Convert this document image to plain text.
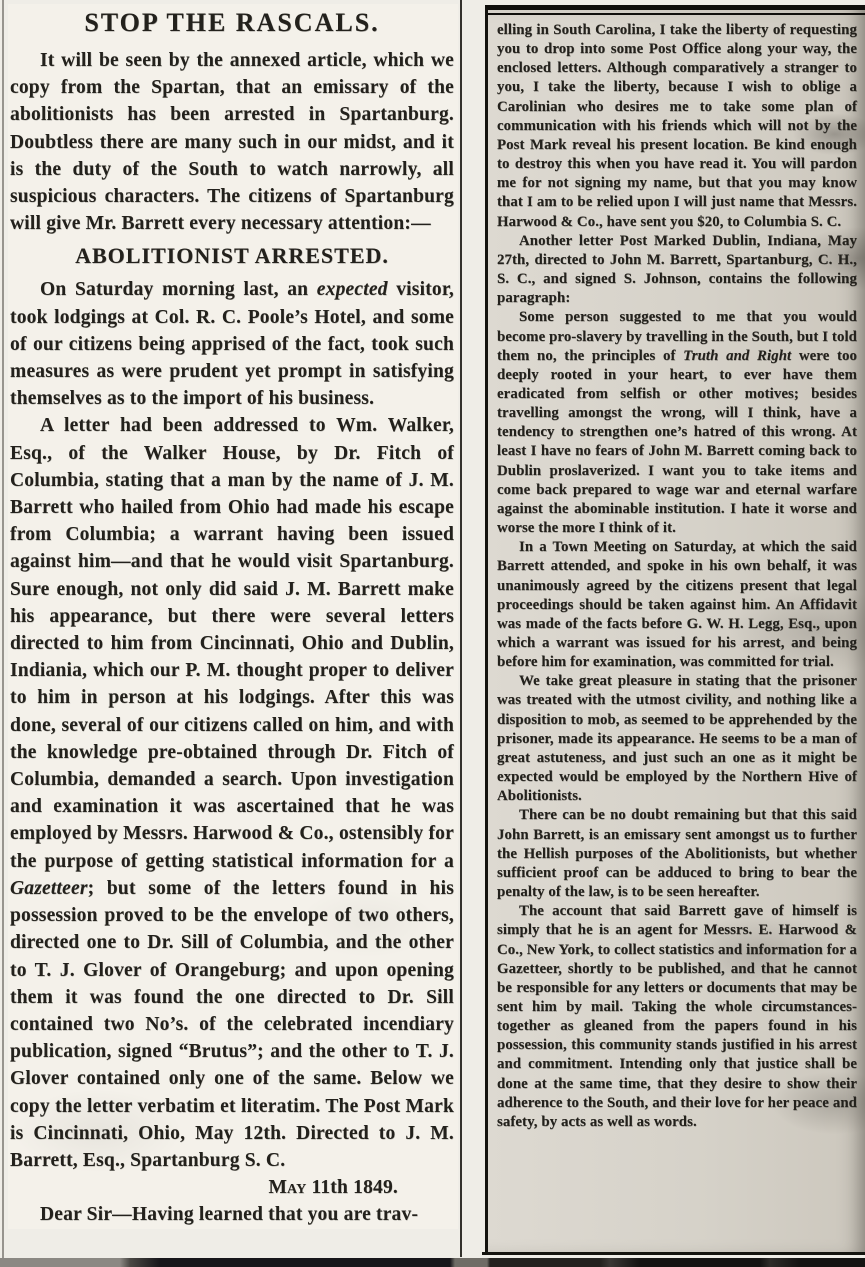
STOP THE RASCALS.

It will be seen by the annexed article, which we copy from the Spartan, that an emissary of the abolitionists has been arrested in Spartanburg. Doubtless there are many such in our midst, and it is the duty of the South to watch narrowly, all suspicious characters. The citizens of Spartanburg will give Mr. Barrett every necessary attention:—

ABOLITIONIST ARRESTED.

On Saturday morning last, an expected visitor, took lodgings at Col. R. C. Poole’s Hotel, and some of our citizens being apprised of the fact, took such measures as were prudent yet prompt in satisfying themselves as to the import of his business.

A letter had been addressed to Wm. Walker, Esq., of the Walker House, by Dr. Fitch of Columbia, stating that a man by the name of J. M. Barrett who hailed from Ohio had made his escape from Columbia; a warrant having been issued against him—and that he would visit Spartanburg. Sure enough, not only did said J. M. Barrett make his appearance, but there were several letters directed to him from Cincinnati, Ohio and Dublin, Indiania, which our P. M. thought proper to deliver to him in person at his lodgings. After this was done, several of our citizens called on him, and with the knowledge pre-obtained through Dr. Fitch of Columbia, demanded a search. Upon investigation and examination it was ascertained that he was employed by Messrs. Harwood & Co., ostensibly for the purpose of getting statistical information for a Gazetteer; but some of the letters found in his possession proved to be the envelope of two others, directed one to Dr. Sill of Columbia, and the other to T. J. Glover of Orangeburg; and upon opening them it was found the one directed to Dr. Sill contained two No’s. of the celebrated incendiary publication, signed “Brutus”; and the other to T. J. Glover contained only one of the same. Below we copy the letter verbatim et literatim. The Post Mark is Cincinnati, Ohio, May 12th. Directed to J. M. Barrett, Esq., Spartanburg S. C.

May 11th 1849.

Dear Sir—Having learned that you are trav-

elling in South Carolina, I take the liberty of requesting you to drop into some Post Office along your way, the enclosed letters. Although comparatively a stranger to you, I take the liberty, because I wish to oblige a Carolinian who desires me to take some plan of communication with his friends which will not by the Post Mark reveal his present location. Be kind enough to destroy this when you have read it. You will pardon me for not signing my name, but that you may know that I am to be relied upon I will just name that Messrs. Harwood & Co., have sent you $20, to Columbia S. C.

Another letter Post Marked Dublin, Indiana, May 27th, directed to John M. Barrett, Spartanburg, C. H., S. C., and signed S. Johnson, contains the following paragraph:

Some person suggested to me that you would become pro-slavery by travelling in the South, but I told them no, the principles of Truth and Right were too deeply rooted in your heart, to ever have them eradicated from selfish or other motives; besides travelling amongst the wrong, will I think, have a tendency to strengthen one’s hatred of this wrong. At least I have no fears of John M. Barrett coming back to Dublin proslaverized. I want you to take items and come back prepared to wage war and eternal warfare against the abominable institution. I hate it worse and worse the more I think of it.

In a Town Meeting on Saturday, at which the said Barrett attended, and spoke in his own behalf, it was unanimously agreed by the citizens present that legal proceedings should be taken against him. An Affidavit was made of the facts before G. W. H. Legg, Esq., upon which a warrant was issued for his arrest, and being before him for examination, was committed for trial.

We take great pleasure in stating that the prisoner was treated with the utmost civility, and nothing like a disposition to mob, as seemed to be apprehended by the prisoner, made its appearance. He seems to be a man of great astuteness, and just such an one as it might be expected would be employed by the Northern Hive of Abolitionists.

There can be no doubt remaining but that this said John Barrett, is an emissary sent amongst us to further the Hellish purposes of the Abolitionists, but whether sufficient proof can be adduced to bring to bear the penalty of the law, is to be seen hereafter.

The account that said Barrett gave of himself is simply that he is an agent for Messrs. E. Harwood & Co., New York, to collect statistics and information for a Gazetteer, shortly to be published, and that he cannot be responsible for any letters or documents that may be sent him by mail. Taking the whole circumstances-together as gleaned from the papers found in his possession, this community stands justified in his arrest and commitment. Intending only that justice shall be done at the same time, that they desire to show their adherence to the South, and their love for her peace and safety, by acts as well as words.
